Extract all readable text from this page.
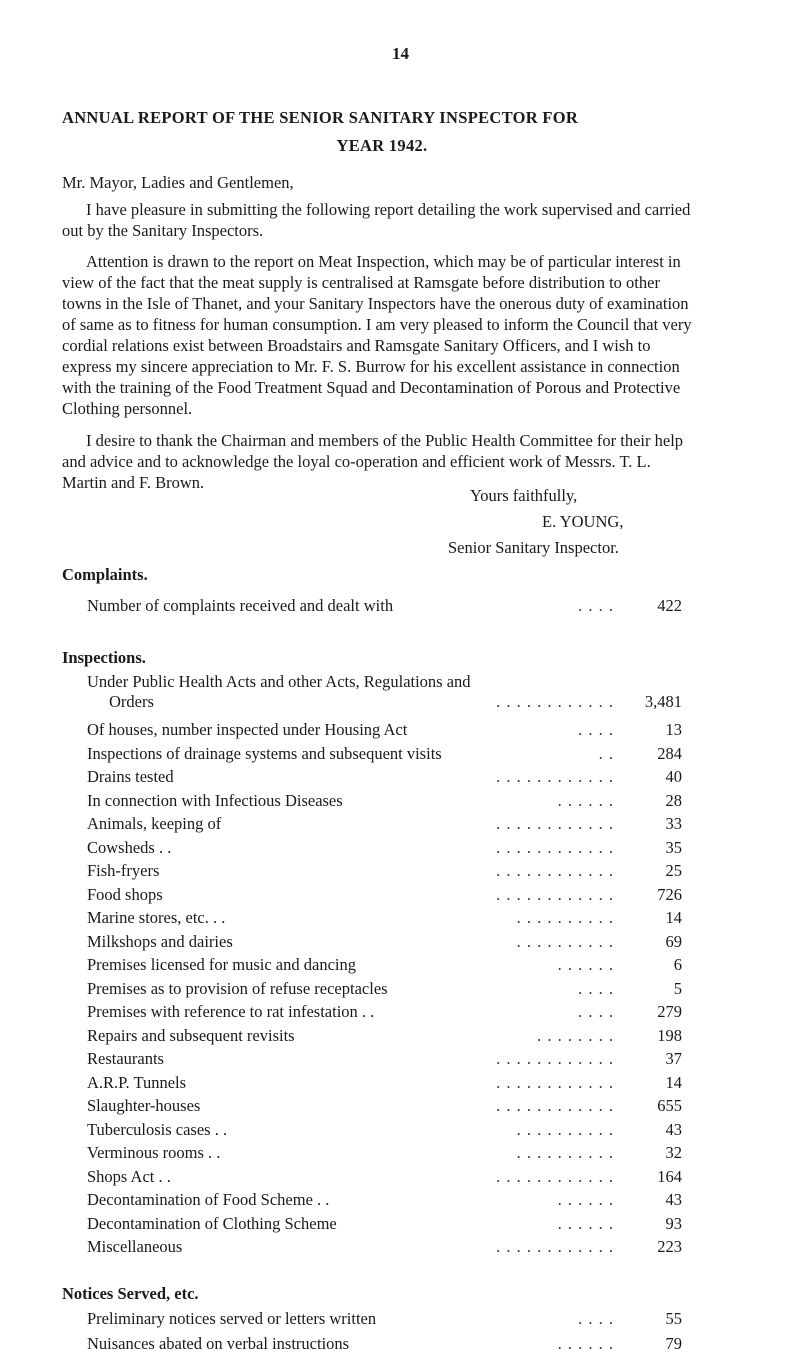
14
ANNUAL REPORT OF THE SENIOR SANITARY INSPECTOR FOR
YEAR 1942.
Mr. Mayor, Ladies and Gentlemen,
I have pleasure in submitting the following report detailing the work supervised and carried out by the Sanitary Inspectors.
Attention is drawn to the report on Meat Inspection, which may be of particular interest in view of the fact that the meat supply is centralised at Ramsgate before distribution to other towns in the Isle of Thanet, and your Sanitary Inspectors have the onerous duty of examination of same as to fitness for human consumption. I am very pleased to inform the Council that very cordial relations exist between Broadstairs and Ramsgate Sanitary Officers, and I wish to express my sincere appreciation to Mr. F. S. Burrow for his excellent assistance in connection with the training of the Food Treatment Squad and Decontamination of Porous and Protective Clothing personnel.
I desire to thank the Chairman and members of the Public Health Committee for their help and advice and to acknowledge the loyal co-operation and efficient work of Messrs. T. L. Martin and F. Brown.
Yours faithfully,
E. YOUNG,
Senior Sanitary Inspector.
Complaints.
Number of complaints received and dealt with	. . . .	422
Inspections.
Under Public Health Acts and other Acts, Regulations and
Orders	. . . . . . . . . . . . 3,481
Of houses, number inspected under Housing Act	. . . .	13
Inspections of drainage systems and subsequent visits	. .	284
Drains tested	. . . . . . . . . . . .	40
In connection with Infectious Diseases	. . . . . .	28
Animals, keeping of	. . . . . . . . . . . .	33
Cowsheds . .	. . . . . . . . . . . .	35
Fish-fryers	. . . . . . . . . . . .	25
Food shops	. . . . . . . . . . . .	726
Marine stores, etc. . .	. . . . . . . . . .	14
Milkshops and dairies	. . . . . . . . . .	69
Premises licensed for music and dancing	. . . . . .	6
Premises as to provision of refuse receptacles	. . . .	5
Premises with reference to rat infestation . .	. . . .	279
Repairs and subsequent revisits	. . . . . . . .	198
Restaurants	. . . . . . . . . . . .	37
A.R.P. Tunnels	. . . . . . . . . . . .	14
Slaughter-houses	. . . . . . . . . . . .	655
Tuberculosis cases . .	. . . . . . . . . .	43
Verminous rooms . .	. . . . . . . . . .	32
Shops Act . .	. . . . . . . . . . . .	164
Decontamination of Food Scheme . .	. . . . . .	43
Decontamination of Clothing Scheme	. . . . . .	93
Miscellaneous	. . . . . . . . . . . .	223
Notices Served, etc.
Preliminary notices served or letters written	. . . .	55
Nuisances abated on verbal instructions	. . . . . .	79
